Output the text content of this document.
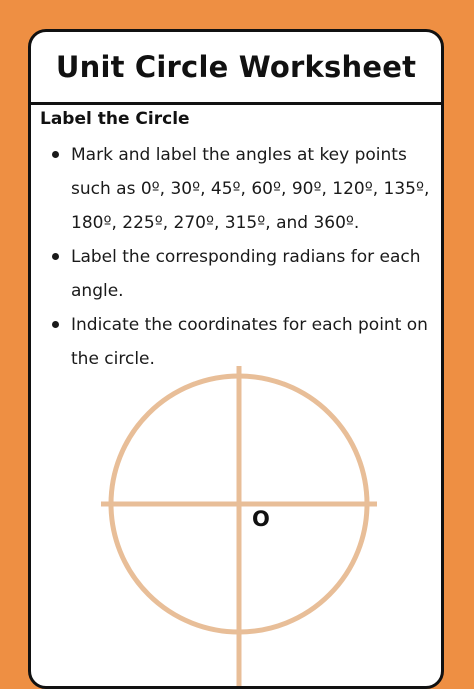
Unit Circle Worksheet
Label the Circle
Mark and label the angles at key points such as 0º, 30º, 45º, 60º, 90º, 120º, 135º, 180º, 225º, 270º, 315º, and 360º.
Label the corresponding radians for each angle.
Indicate the coordinates for each point on the circle.
O
